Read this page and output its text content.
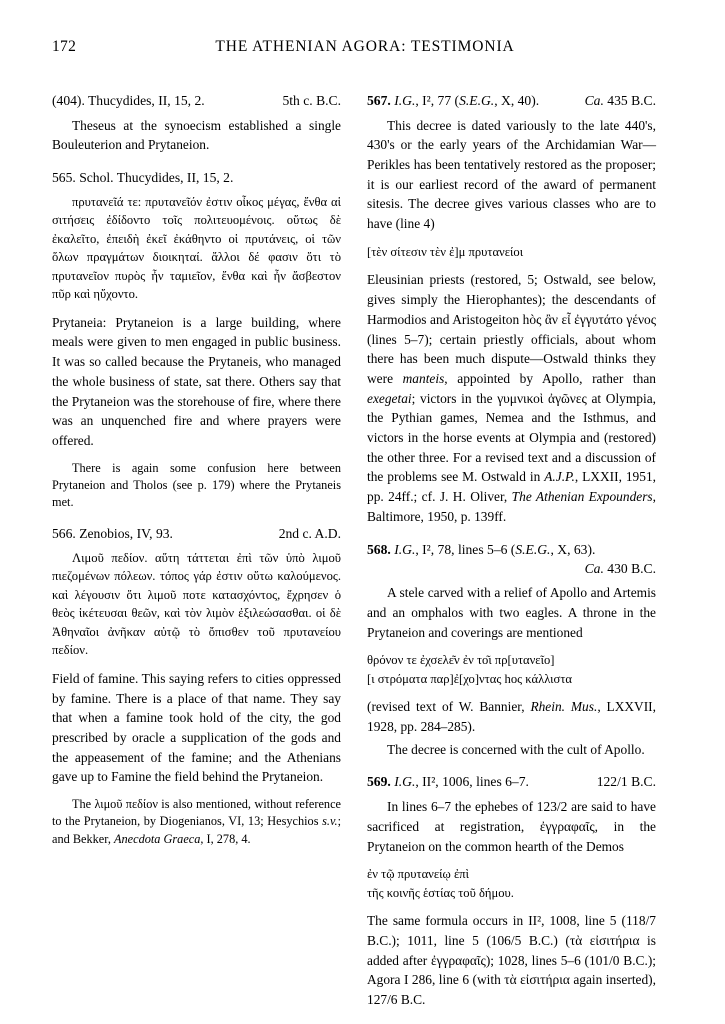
172	THE ATHENIAN AGORA: TESTIMONIA
(404). Thucydides, II, 15, 2.	5th c. B.C.

Theseus at the synoecism established a single Bouleuterion and Prytaneion.

565. Schol. Thucydides, II, 15, 2.

πρυτανεῖά τε: πρυτανεῖόν ἐστιν οἶκος μέγας, ἔνθα αἱ σιτήσεις ἐδίδοντο τοῖς πολιτευομένοις. οὕτως δὲ ἐκαλεῖτο, ἐπειδὴ ἐκεῖ ἐκάθηντο οἱ πρυτάνεις, οἱ τῶν ὅλων πραγμάτων διοικηταί. ἄλλοι δέ φασιν ὅτι τὸ πρυτανεῖον πυρὸς ἦν ταμιεῖον, ἔνθα καὶ ἦν ἄσβεστον πῦρ καὶ ηὔχοντο.

Prytaneia: Prytaneion is a large building, where meals were given to men engaged in public business. It was so called because the Prytaneis, who managed the whole business of state, sat there. Others say that the Prytaneion was the storehouse of fire, where there was an unquenched fire and where prayers were offered.

There is again some confusion here between Prytaneion and Tholos (see p. 179) where the Prytaneis met.

566. Zenobios, IV, 93.	2nd c. A.D.

Λιμοῦ πεδίον. αὕτη τάττεται ἐπὶ τῶν ὑπὸ λιμοῦ πιεζομένων πόλεων. τόπος γάρ ἐστιν οὕτω καλούμενος. καὶ λέγουσιν ὅτι λιμοῦ ποτε κατασχόντος, ἔχρησεν ὁ θεὸς ἱκέτευσαι θεῶν, καὶ τὸν λιμὸν ἐξιλεώσασθαι. οἱ δὲ Ἀθηναῖοι ἀνῆκαν αὐτῷ τὸ ὄπισθεν τοῦ πρυτανείου πεδίον.

Field of famine. This saying refers to cities oppressed by famine. There is a place of that name. They say that when a famine took hold of the city, the god prescribed by oracle a supplication of the gods and the appeasement of the famine; and the Athenians gave up to Famine the field behind the Prytaneion.

The λιμοῦ πεδίον is also mentioned, without reference to the Prytaneion, by Diogenianos, VI, 13; Hesychios s.v.; and Bekker, Anecdota Graeca, I, 278, 4.

567. I.G., I², 77 (S.E.G., X, 40).	Ca. 435 B.C.

This decree is dated variously to the late 440's, 430's or the early years of the Archidamian War—Perikles has been tentatively restored as the proposer; it is our earliest record of the award of permanent sitesis. The decree gives various classes who are to have (line 4)

[τὲν σίτεσιν τὲν ἐ]μ πρυτανείοι

Eleusinian priests (restored, 5; Ostwald, see below, gives simply the Hierophantes); the descendants of Harmodios and Aristogeiton hòς ἂν εἶ ἐγγυτάτο γένος (lines 5–7); certain priestly officials, about whom there has been much dispute—Ostwald thinks they were manteis, appointed by Apollo, rather than exegetai; victors in the γυμνικοὶ ἀγῶνες at Olympia, the Pythian games, Nemea and the Isthmus, and victors in the horse events at Olympia and (restored) the other three. For a revised text and a discussion of the problems see M. Ostwald in A.J.P., LXXII, 1951, pp. 24ff.; cf. J. H. Oliver, The Athenian Expounders, Baltimore, 1950, p. 139ff.

568. I.G., I², 78, lines 5–6 (S.E.G., X, 63).
Ca. 430 B.C.

A stele carved with a relief of Apollo and Artemis and an omphalos with two eagles. A throne in the Prytaneion and coverings are mentioned

θρόνον τε ἐχσελε͂ν ἐν το͂ι πρ[υτανεῖο]

[ι στρόματα παρ]ἐ[χο]ντας hος κάλλιστα

(revised text of W. Bannier, Rhein. Mus., LXXVII, 1928, pp. 284–285).

The decree is concerned with the cult of Apollo.

569. I.G., II², 1006, lines 6–7.	122/1 B.C.

In lines 6–7 the ephebes of 123/2 are said to have sacrificed at registration, ἐγγραφαῖς, in the Prytaneion on the common hearth of the Demos

ἐν τῷ πρυτανείῳ ἐπὶ

τῆς κοινῆς ἑστίας τοῦ δήμου.

The same formula occurs in II², 1008, line 5 (118/7 B.C.); 1011, line 5 (106/5 B.C.) (τὰ εἰσιτήρια is added after ἐγγραφαῖς); 1028, lines 5–6 (101/0 B.C.); Agora I 286, line 6 (with τὰ εἰσιτήρια again inserted), 127/6 B.C.
